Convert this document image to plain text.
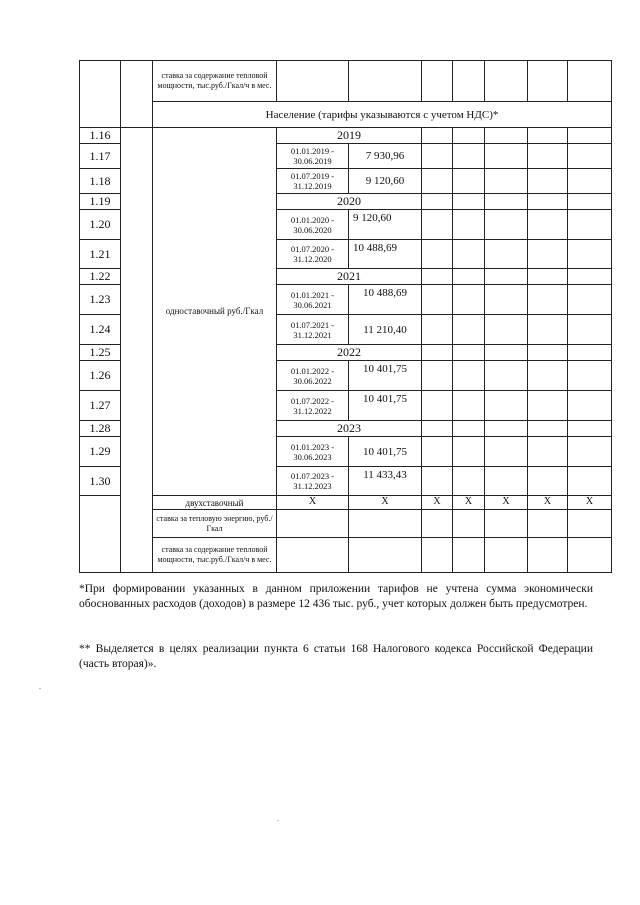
		ставка за содержание тепловой мощности, тыс.руб./Гкал/ч в мес.							
		Население (тарифы указываются с учетом НДС)*							
1.16		одноставочный руб./Гкал	2019						
1.17			01.01.2019 - 30.06.2019	7 930,96					
1.18			01.07.2019 - 31.12.2019	9 120,60					
1.19			2020						
1.20			01.01.2020 - 30.06.2020	9 120,60					
1.21			01.07.2020 - 31.12.2020	10 488,69					
1.22			2021						
1.23			01.01.2021 - 30.06.2021	10 488,69					
1.24			01.07.2021 - 31.12.2021	11 210,40					
1.25			2022						
1.26			01.01.2022 - 30.06.2022	10 401,75					
1.27			01.07.2022 - 31.12.2022	10 401,75					
1.28			2023						
1.29			01.01.2023 - 30.06.2023	10 401,75					
1.30			01.07.2023 - 31.12.2023	11 433,43					
		двухставочный	X	X	X	X	X	X	X
		ставка за тепловую энергию, руб./Гкал							
		ставка за содержание тепловой мощности, тыс.руб./Гкал/ч в мес.							
*При формировании указанных в данном приложении тарифов не учтена сумма экономически обоснованных расходов (доходов) в размере 12 436 тыс. руб., учет которых должен быть предусмотрен.
** Выделяется в целях реализации пункта 6 статьи 168 Налогового кодекса Российской Федерации (часть вторая)».
